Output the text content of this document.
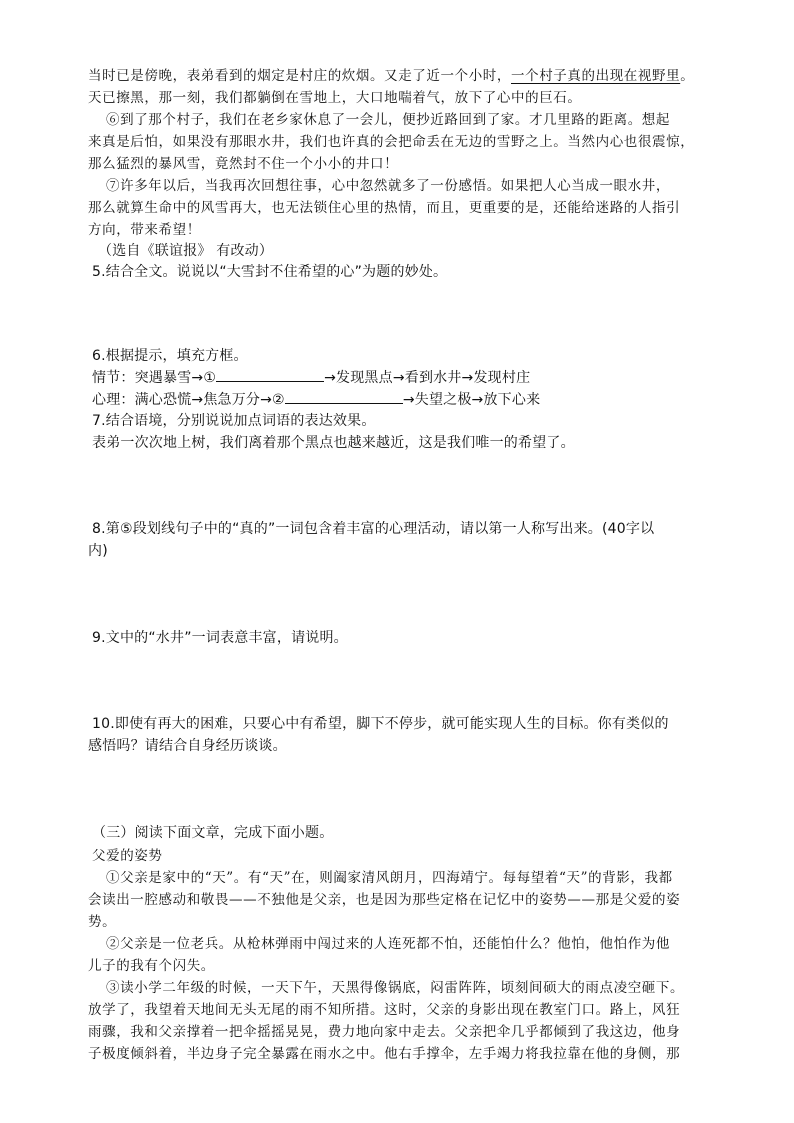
当时已是傍晚，表弟看到的烟定是村庄的炊烟。又走了近一个小时，一个村子真的出现在视野里。
天已擦黑，那一刻，我们都躺倒在雪地上，大口地喘着气，放下了心中的巨石。
⑥到了那个村子，我们在老乡家休息了一会儿，便抄近路回到了家。才几里路的距离。想起
来真是后怕，如果没有那眼水井，我们也许真的会把命丢在无边的雪野之上。当然内心也很震惊，
那么猛烈的暴风雪，竟然封不住一个小小的井口！
⑦许多年以后，当我再次回想往事，心中忽然就多了一份感悟。如果把人心当成一眼水井，
那么就算生命中的风雪再大，也无法锁住心里的热情，而且，更重要的是，还能给迷路的人指引
方向，带来希望！
（选自《联谊报》 有改动）
5.结合全文。说说以“大雪封不住希望的心”为题的妙处。
6.根据提示，填充方框。
情节：突遇暴雪→①	→发现黑点→看到水井→发现村庄
心理：满心恐慌→焦急万分→②	→失望之极→放下心来
7.结合语境，分别说说加点词语的表达效果。
表弟一次次地上树，我们离着那个黑点也越来越近，这是我们唯一的希望了。
8.第⑤段划线句子中的“真的”一词包含着丰富的心理活动，请以第一人称写出来。(40字以
内)
9.文中的“水井”一词表意丰富，请说明。
10.即使有再大的困难，只要心中有希望，脚下不停步，就可能实现人生的目标。你有类似的
感悟吗？请结合自身经历谈谈。
（三）阅读下面文章，完成下面小题。
父爱的姿势
①父亲是家中的“天”。有“天”在，则阖家清风朗月，四海靖宁。每每望着“天”的背影，我都
会读出一腔感动和敬畏——不独他是父亲，也是因为那些定格在记忆中的姿势——那是父爱的姿
势。
②父亲是一位老兵。从枪林弹雨中闯过来的人连死都不怕，还能怕什么？他怕，他怕作为他
儿子的我有个闪失。
③读小学二年级的时候，一天下午，天黑得像锅底，闷雷阵阵，顷刻间硕大的雨点凌空砸下。
放学了，我望着天地间无头无尾的雨不知所措。这时，父亲的身影出现在教室门口。路上，风狂
雨骤，我和父亲撑着一把伞摇摇晃晃，费力地向家中走去。父亲把伞几乎都倾到了我这边，他身
子极度倾斜着，半边身子完全暴露在雨水之中。他右手撑伞，左手竭力将我拉靠在他的身侧，那
